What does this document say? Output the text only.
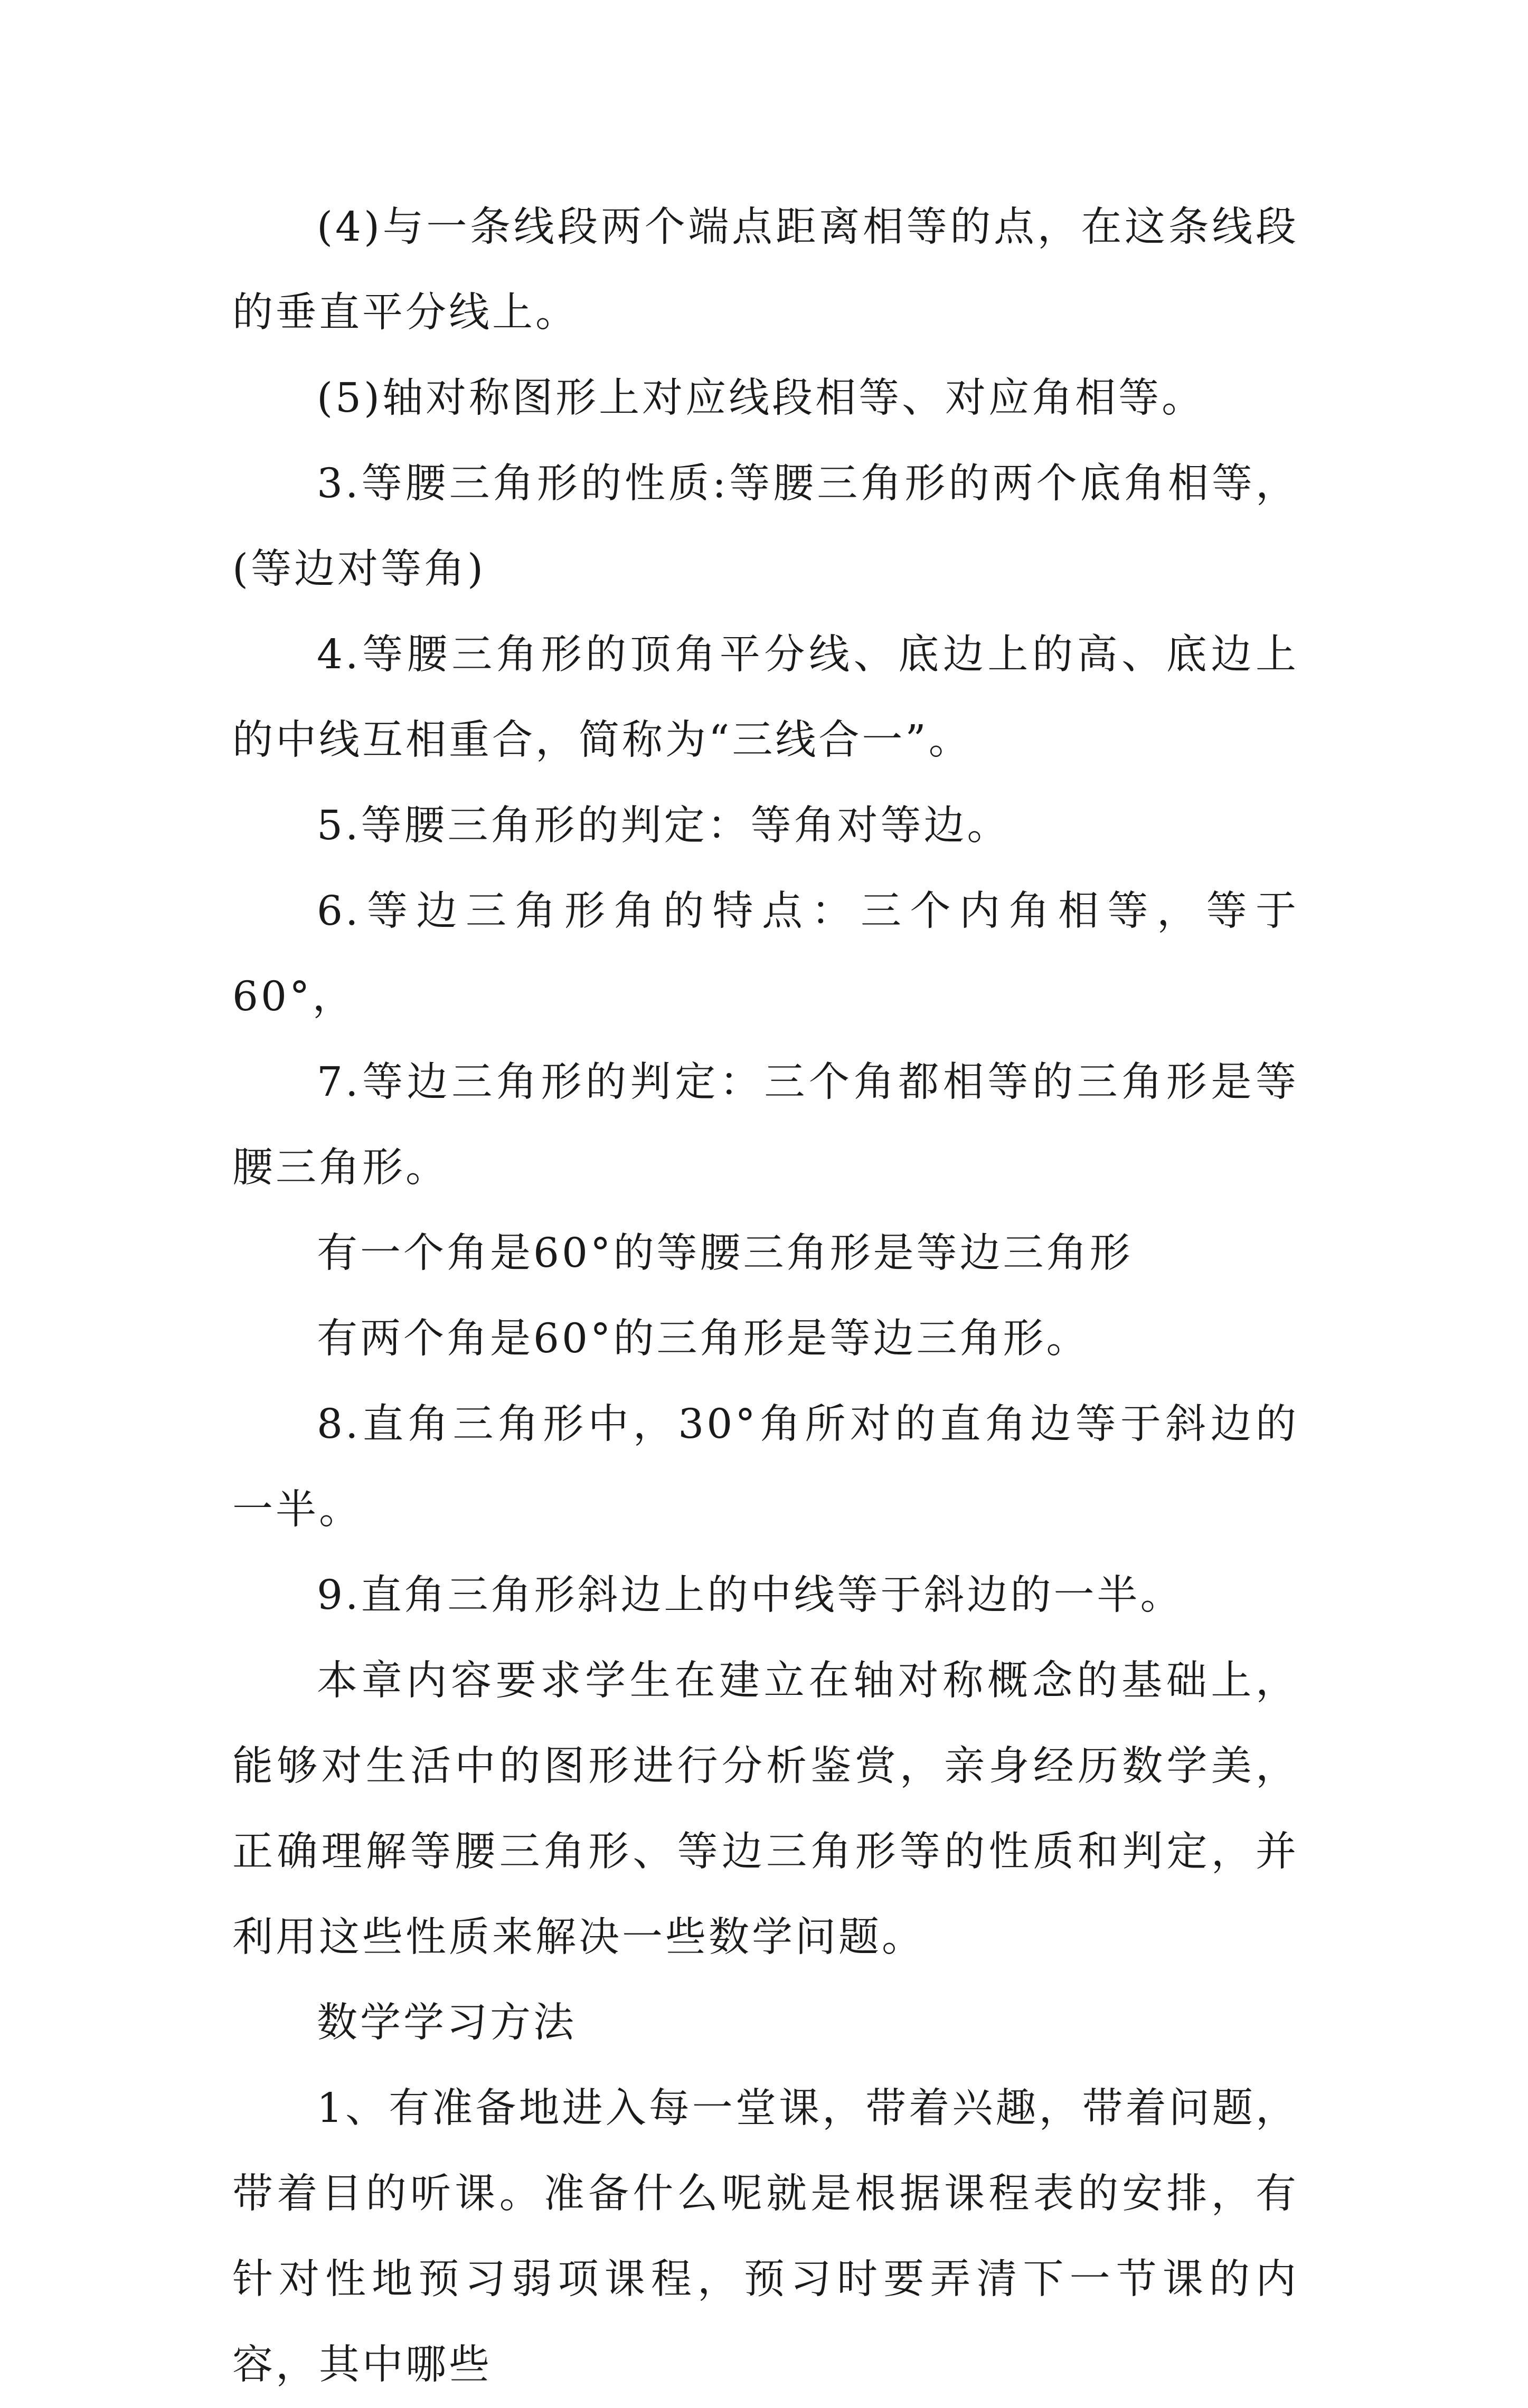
(4)与一条线段两个端点距离相等的点，在这条线段的垂直平分线上。

(5)轴对称图形上对应线段相等、对应角相等。

3.等腰三角形的性质:等腰三角形的两个底角相等，(等边对等角)

4.等腰三角形的顶角平分线、底边上的高、底边上的中线互相重合，简称为“三线合一”。

5.等腰三角形的判定：等角对等边。

6.等边三角形角的特点：三个内角相等，等于60°，

7.等边三角形的判定：三个角都相等的三角形是等腰三角形。

有一个角是60°的等腰三角形是等边三角形

有两个角是60°的三角形是等边三角形。

8.直角三角形中，30°角所对的直角边等于斜边的一半。

9.直角三角形斜边上的中线等于斜边的一半。

本章内容要求学生在建立在轴对称概念的基础上，能够对生活中的图形进行分析鉴赏，亲身经历数学美，正确理解等腰三角形、等边三角形等的性质和判定，并利用这些性质来解决一些数学问题。

数学学习方法

1、有准备地进入每一堂课，带着兴趣，带着问题，带着目的听课。准备什么呢就是根据课程表的安排，有针对性地预习弱项课程，预习时要弄清下一节课的内容，其中哪些
